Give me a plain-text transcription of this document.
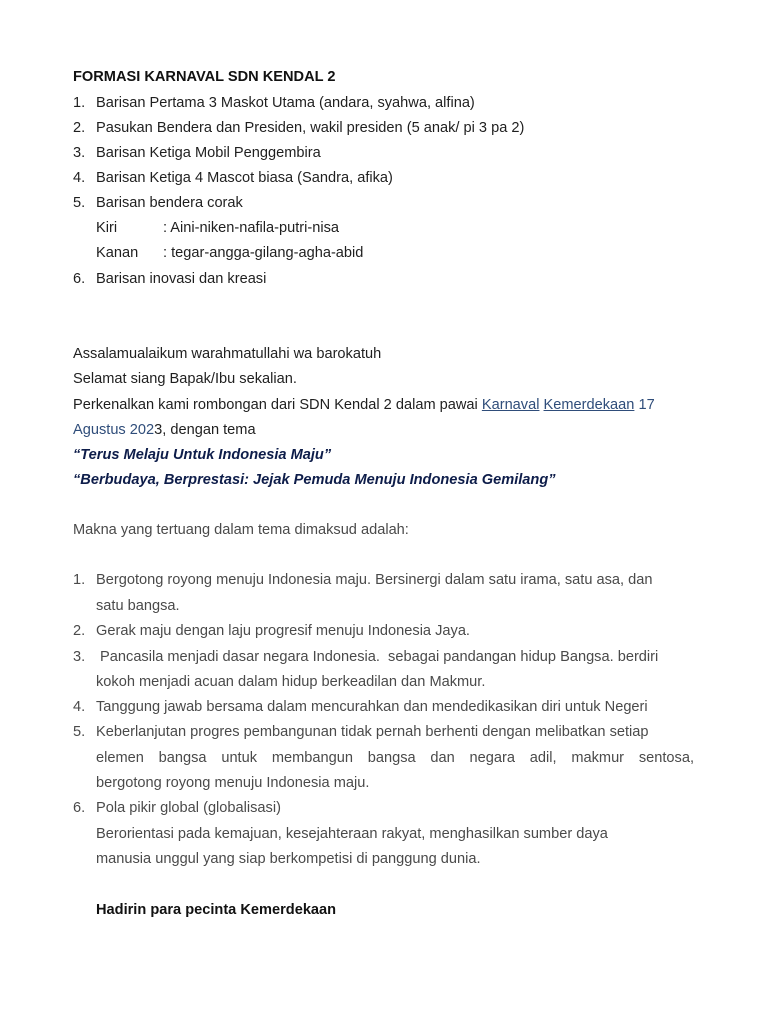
FORMASI KARNAVAL SDN KENDAL 2
1. Barisan Pertama 3 Maskot Utama (andara, syahwa, alfina)
2. Pasukan Bendera dan Presiden, wakil presiden (5 anak/ pi 3 pa 2)
3. Barisan Ketiga Mobil Penggembira
4. Barisan Ketiga 4 Mascot biasa (Sandra, afika)
5. Barisan bendera corak
Kiri	: Aini-niken-nafila-putri-nisa
Kanan : tegar-angga-gilang-agha-abid
6. Barisan inovasi dan kreasi
Assalamualaikum warahmatullahi wa barokatuh
Selamat siang Bapak/Ibu sekalian.
Perkenalkan kami rombongan dari SDN Kendal 2 dalam pawai Karnaval Kemerdekaan 17
Agustus 2023, dengan tema
“Terus Melaju Untuk Indonesia Maju”
“Berbudaya, Berprestasi: Jejak Pemuda Menuju Indonesia Gemilang”
Makna yang tertuang dalam tema dimaksud adalah:
1. Bergotong royong menuju Indonesia maju. Bersinergi dalam satu irama, satu asa, dan
satu bangsa.
2. Gerak maju dengan laju progresif menuju Indonesia Jaya.
3. Pancasila menjadi dasar negara Indonesia.  sebagai pandangan hidup Bangsa. berdiri
kokoh menjadi acuan dalam hidup berkeadilan dan Makmur.
4. Tanggung jawab bersama dalam mencurahkan dan mendedikasikan diri untuk Negeri
5. Keberlanjutan progres pembangunan tidak pernah berhenti dengan melibatkan setiap
elemen bangsa untuk membangun bangsa dan negara adil, makmur sentosa,
bergotong royong menuju Indonesia maju.
6. Pola pikir global (globalisasi)
Berorientasi pada kemajuan, kesejahteraan rakyat, menghasilkan sumber daya
manusia unggul yang siap berkompetisi di panggung dunia.
Hadirin para pecinta Kemerdekaan
